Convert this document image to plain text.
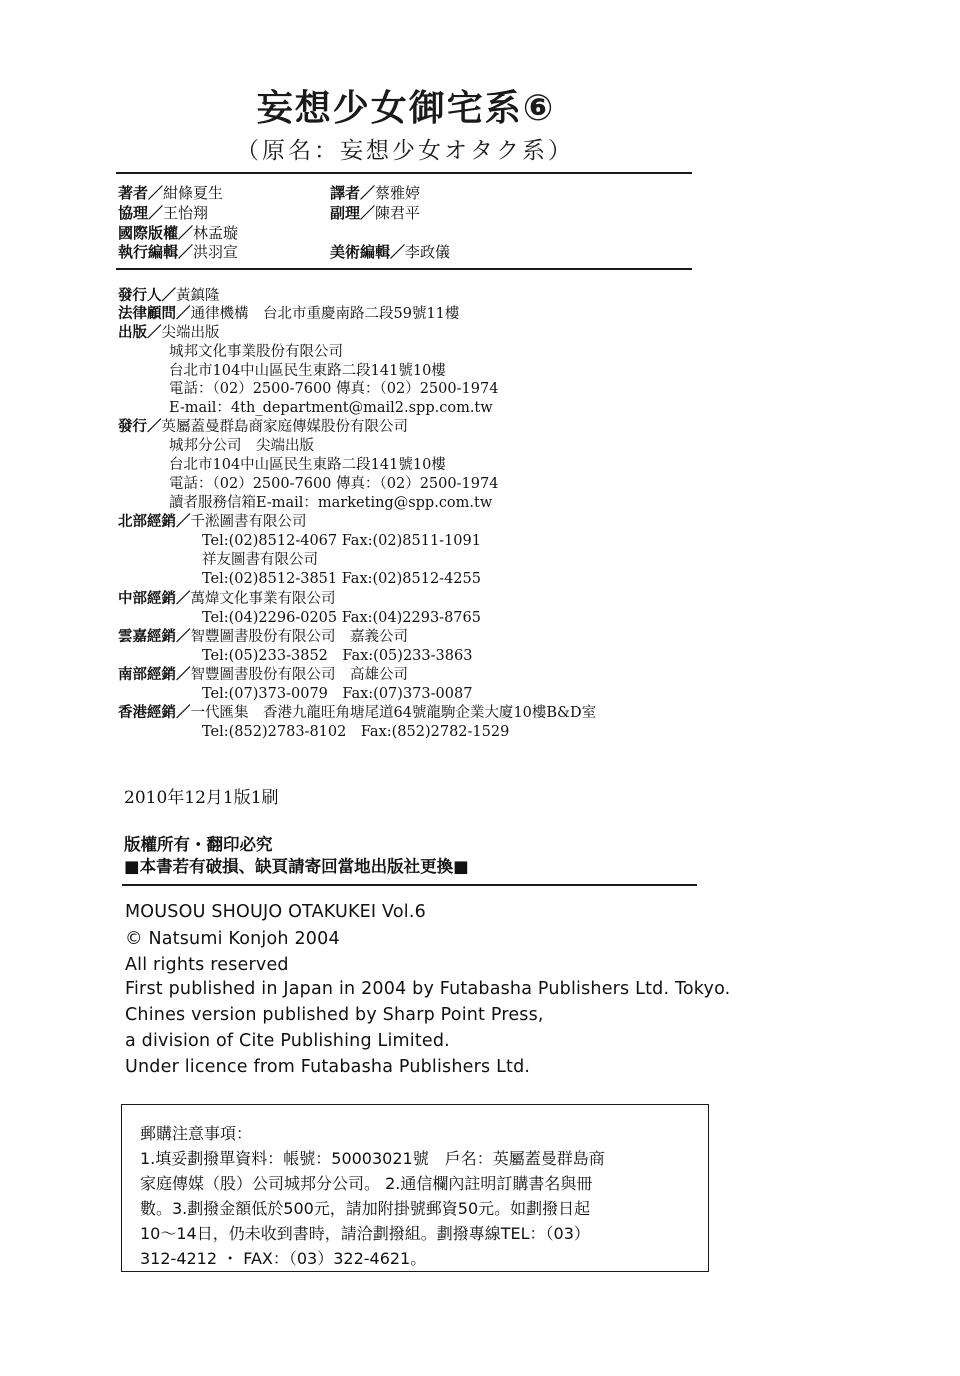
妄想少女御宅系⑥
（原名：妄想少女オタク系）
著者／紺條夏生	譯者／蔡雅婷
協理／王怡翔	副理／陳君平
國際版權／林孟璇
執行編輯／洪羽宣	美術編輯／李政儀
發行人／黃鎮隆
法律顧問／通律機構　台北市重慶南路二段59號11樓
出版／尖端出版
城邦文化事業股份有限公司
台北市104中山區民生東路二段141號10樓
電話：（02）2500-7600 傳真：（02）2500-1974
E-mail：4th_department@mail2.spp.com.tw
發行／英屬蓋曼群島商家庭傳媒股份有限公司
城邦分公司　尖端出版
台北市104中山區民生東路二段141號10樓
電話：（02）2500-7600 傳真：（02）2500-1974
讀者服務信箱E-mail：marketing@spp.com.tw
北部經銷／千淞圖書有限公司
Tel:(02)8512-4067 Fax:(02)8511-1091
祥友圖書有限公司
Tel:(02)8512-3851 Fax:(02)8512-4255
中部經銷／萬煒文化事業有限公司
Tel:(04)2296-0205 Fax:(04)2293-8765
雲嘉經銷／智豐圖書股份有限公司　嘉義公司
Tel:(05)233-3852　Fax:(05)233-3863
南部經銷／智豐圖書股份有限公司　高雄公司
Tel:(07)373-0079　Fax:(07)373-0087
香港經銷／一代匯集　香港九龍旺角塘尾道64號龍駒企業大廈10樓B&D室
Tel:(852)2783-8102　Fax:(852)2782-1529
2010年12月1版1刷
版權所有・翻印必究
■本書若有破損、缺頁請寄回當地出版社更換■
MOUSOU SHOUJO OTAKUKEI Vol.6
© Natsumi Konjoh 2004
All rights reserved
First published in Japan in 2004 by Futabasha Publishers Ltd. Tokyo.
Chines version published by Sharp Point Press,
a division of Cite Publishing Limited.
Under licence from Futabasha Publishers Ltd.

郵購注意事項：

1.填妥劃撥單資料：帳號：50003021號　戶名：英屬蓋曼群島商

家庭傳媒（股）公司城邦分公司。 2.通信欄內註明訂購書名與冊

數。3.劃撥金額低於500元，請加附掛號郵資50元。如劃撥日起

10～14日，仍未收到書時，請洽劃撥組。劃撥專線TEL：（03）

312-4212 ・ FAX：（03）322-4621。
